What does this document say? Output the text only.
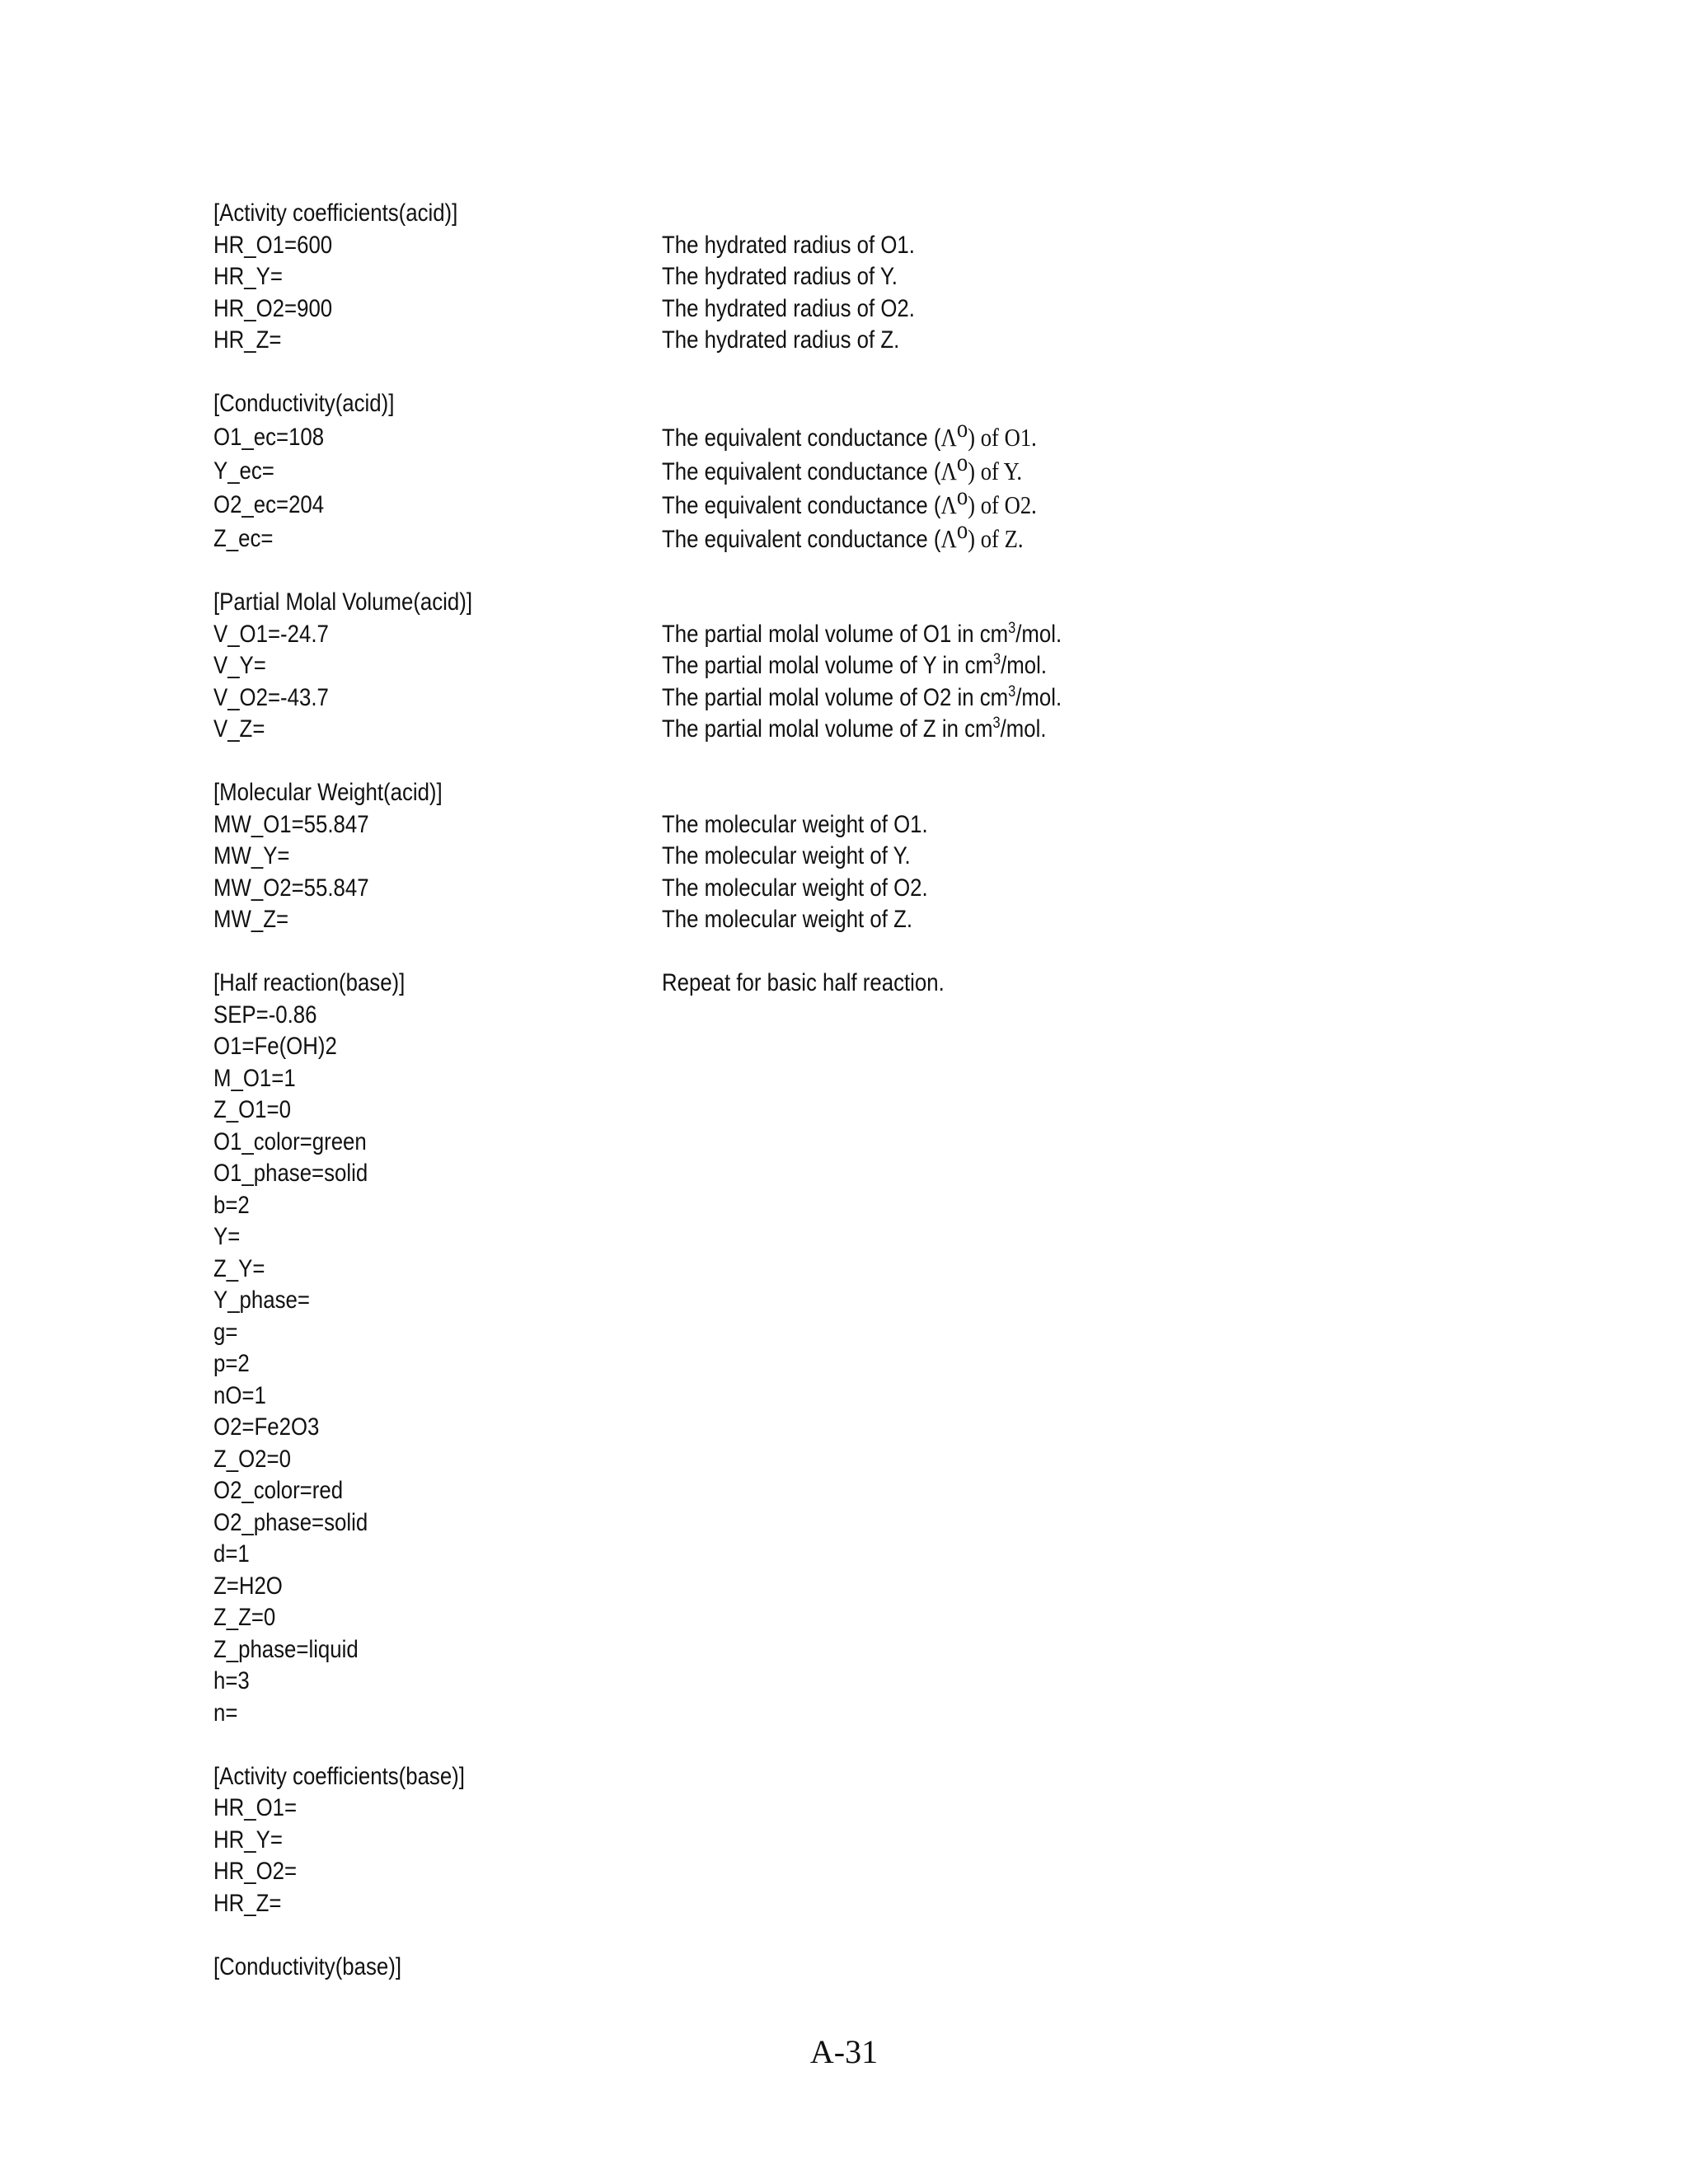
[Activity coefficients(acid)]
HR_O1=600	The hydrated radius of O1.
HR_Y=	The hydrated radius of Y.
HR_O2=900	The hydrated radius of O2.
HR_Z=	The hydrated radius of Z.
[Conductivity(acid)]
O1_ec=108	The equivalent conductance (Λo) of O1.
Y_ec=	The equivalent conductance (Λo) of Y.
O2_ec=204	The equivalent conductance (Λo) of O2.
Z_ec=	The equivalent conductance (Λo) of Z.
[Partial Molal Volume(acid)]
V_O1=-24.7	The partial molal volume of O1 in $cm^3$/mol.
V_Y=	The partial molal volume of Y in $cm^3$/mol.
V_O2=-43.7	The partial molal volume of O2 in $cm^3$/mol.
V_Z=	The partial molal volume of Z in $cm^3$/mol.
[Molecular Weight(acid)]
MW_O1=55.847	The molecular weight of O1.
MW_Y=	The molecular weight of Y.
MW_O2=55.847	The molecular weight of O2.
MW_Z=	The molecular weight of Z.
[Half reaction(base)]	Repeat for basic half reaction.
SEP=-0.86
O1=Fe(OH)2
M_O1=1
Z_O1=0
O1_color=green
O1_phase=solid
b=2
Y=
Z_Y=
Y_phase=
g=
p=2
nO=1
O2=Fe2O3
Z_O2=0
O2_color=red
O2_phase=solid
d=1
Z=H2O
Z_Z=0
Z_phase=liquid
h=3
n=
[Activity coefficients(base)]
HR_O1=
HR_Y=
HR_O2=
HR_Z=
[Conductivity(base)]
A-31
